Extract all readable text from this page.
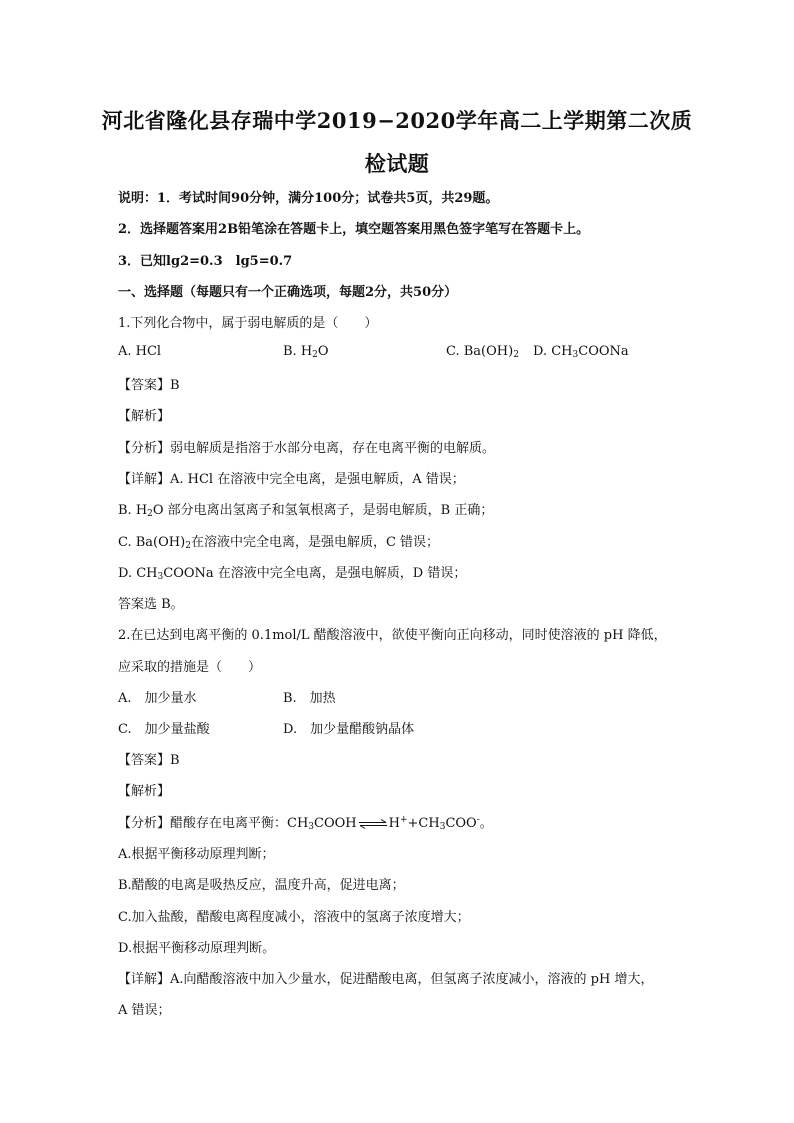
河北省隆化县存瑞中学2019−2020学年高二上学期第二次质
检试题
说明：1．考试时间90分钟，满分100分；试卷共5页，共29题。
2．选择题答案用2B铅笔涂在答题卡上，填空题答案用黑色签字笔写在答题卡上。
3．已知lg2=0.3　lg5=0.7
一、选择题（每题只有一个正确选项，每题2分，共50分）
1.下列化合物中，属于弱电解质的是（　　）
A. HCl	B. $H_2O$	C. $Ba(OH)_2$ D. $CH_3COONa$
【答案】B
【解析】
【分析】弱电解质是指溶于水部分电离，存在电离平衡的电解质。
【详解】A. HCl 在溶液中完全电离，是强电解质，A 错误；
B. $H_2O$ 部分电离出氢离子和氢氧根离子，是弱电解质，B 正确；
C. $Ba(OH)_2$在溶液中完全电离，是强电解质，C 错误；
D. $CH_3COONa$ 在溶液中完全电离，是强电解质，D 错误；
答案选 B。
2.在已达到电离平衡的 0.1mol/L 醋酸溶液中，欲使平衡向正向移动，同时使溶液的 pH 降低，
应采取的措施是（　　）
A.　加少量水	B.　加热
C.　加少量盐酸	D.　加少量醋酸钠晶体
【答案】B
【解析】
【分析】醋酸存在电离平衡：$CH_3COOH\rightleftharpoons H^++CH_3COO^-$。
A.根据平衡移动原理判断；
B.醋酸的电离是吸热反应，温度升高，促进电离；
C.加入盐酸，醋酸电离程度减小，溶液中的氢离子浓度增大；
D.根据平衡移动原理判断。
【详解】A.向醋酸溶液中加入少量水，促进醋酸电离，但氢离子浓度减小，溶液的 pH 增大，
A 错误；
